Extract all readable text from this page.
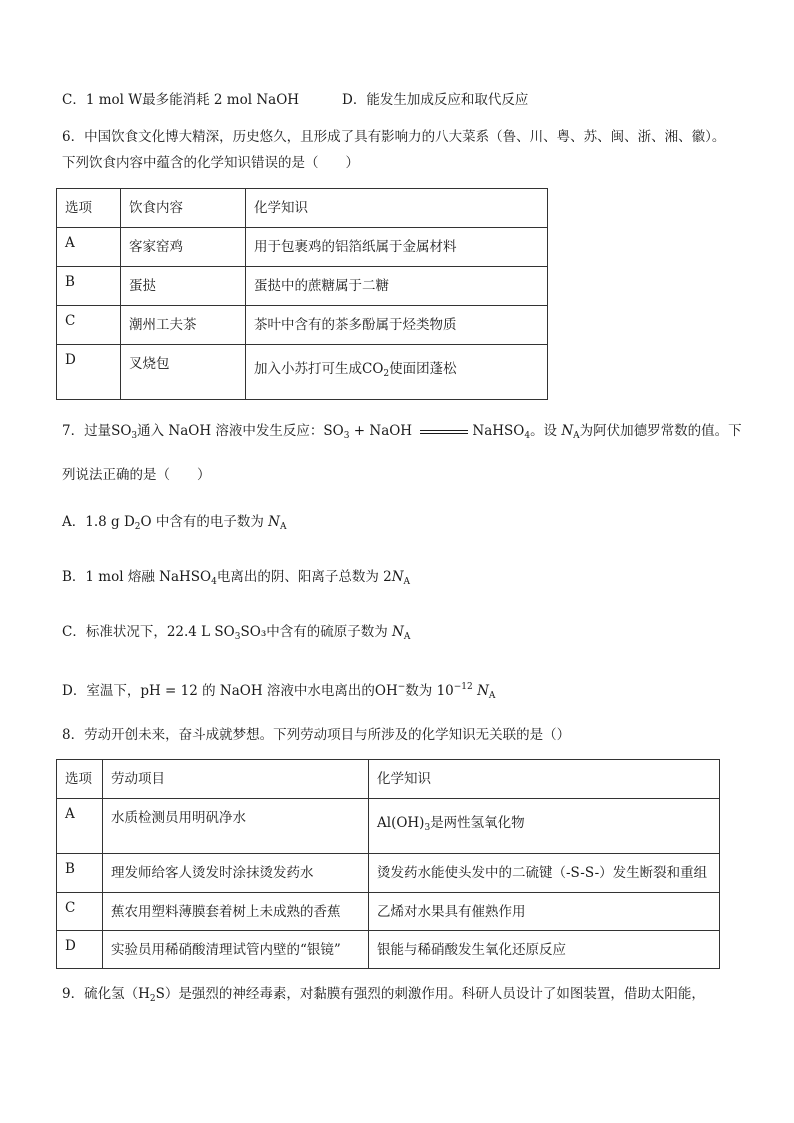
C．1 mol W最多能消耗 2 mol NaOH	D．能发生加成反应和取代反应
6．中国饮食文化博大精深，历史悠久，且形成了具有影响力的八大菜系（鲁、川、粤、苏、闽、浙、湘、徽）。
下列饮食内容中蕴含的化学知识错误的是（　　）
选项	饮食内容	化学知识

A	客家窑鸡	用于包裹鸡的铝箔纸属于金属材料

B	蛋挞	蛋挞中的蔗糖属于二糖

C	潮州工夫茶	茶叶中含有的茶多酚属于烃类物质

D	叉烧包	加入小苏打可生成$CO_2$使面团蓬松
7．过量$SO_3$通入 NaOH 溶液中发生反应：$SO_3$ + NaOH	NaHSO$_4$。设 $N_A$为阿伏加德罗常数的值。下
列说法正确的是（　　）
A．1.8 g $D_2O$ 中含有的电子数为 $N_A$
B．1 mol 熔融 NaHSO$_4$电离出的阴、阳离子总数为 $2N_A$
C．标准状况下，22.4 L $SO_3SO_3$中含有的硫原子数为 $N_A$
D．室温下，pH = 12 的 NaOH 溶液中水电离出的OH−数为 $10^{-12}$ $N_A$
8．劳动开创未来，奋斗成就梦想。下列劳动项目与所涉及的化学知识无关联的是（）
选项	劳动项目	化学知识

A	水质检测员用明矾净水	$Al(OH)_3$是两性氢氧化物

B	理发师给客人烫发时涂抹烫发药水	烫发药水能使头发中的二硫键（-S-S-）发生断裂和重组

C	蕉农用塑料薄膜套着树上未成熟的香蕉	乙烯对水果具有催熟作用

D	实验员用稀硝酸清理试管内壁的“银镜”	银能与稀硝酸发生氧化还原反应
9．硫化氢$(H_2S)$是强烈的神经毒素，对黏膜有强烈的刺激作用。科研人员设计了如图装置，借助太阳能，
